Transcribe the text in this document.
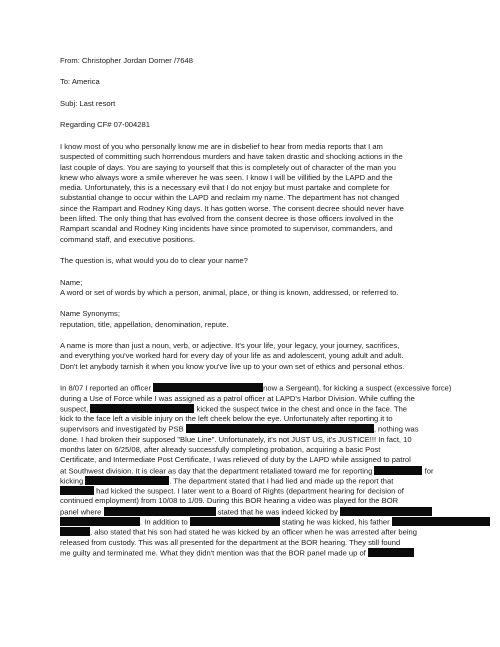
From: Christopher Jordan Dorner /7648
To: America
Subj: Last resort
Regarding CF# 07-004281
I know most of you who personally know me are in disbelief to hear from media reports that I am
suspected of committing such horrendous murders and have taken drastic and shocking actions in the
last couple of days. You are saying to yourself that this is completely out of character of the man you
knew who always wore a smile wherever he was seen. I know I will be villified by the LAPD and the
media. Unfortunately, this is a necessary evil that I do not enjoy but must partake and complete for
substantial change to occur within the LAPD and reclaim my name. The department has not changed
since the Rampart and Rodney King days. It has gotten worse. The consent decree should never have
been lifted. The only thing that has evolved from the consent decree is those officers involved in the
Rampart scandal and Rodney King incidents have since promoted to supervisor, commanders, and
command staff, and executive positions.
The question is, what would you do to clear your name?
Name;
A word or set of words by which a person, animal, place, or thing is known, addressed, or referred to.
Name Synonyms;
reputation, title, appellation, denomination, repute.
A name is more than just a noun, verb, or adjective. It's your life, your legacy, your journey, sacrifices,
and everything you've worked hard for every day of your life as and adolescent, young adult and adult.
Don't let anybody tarnish it when you know you've live up to your own set of ethics and personal ethos.
In 8/07 I reported an officer	now a Sergeant), for kicking a suspect (excessive force)
during a Use of Force while I was assigned as a patrol officer at LAPD's Harbor Division. While cuffing the
suspect,	kicked the suspect twice in the chest and once in the face. The
kick to the face left a visible injury on the left cheek below the eye. Unfortunately after reporting it to
supervisors and investigated by PSB	, nothing was
done. I had broken their supposed "Blue Line". Unfortunately, it's not JUST US, it's JUSTICE!!! In fact, 10
months later on 6/25/08, after already successfully completing probation, acquiring a basic Post
Certificate, and Intermediate Post Certificate, I was relieved of duty by the LAPD while assigned to patrol
at Southwest division. It is clear as day that the department retaliated toward me for reporting	for
kicking	. The department stated that I had lied and made up the report that
had kicked the suspect. I later went to a Board of Rights (department hearing for decision of
continued employment) from 10/08 to 1/09. During this BOR hearing a video was played for the BOR
panel where	stated that he was indeed kicked by
. In addition to	stating he was kicked, his father
, also stated that his son had stated he was kicked by an officer when he was arrested after being
released from custody. This was all presented for the department at the BOR hearing. They still found
me guilty and terminated me. What they didn't mention was that the BOR panel made up of
